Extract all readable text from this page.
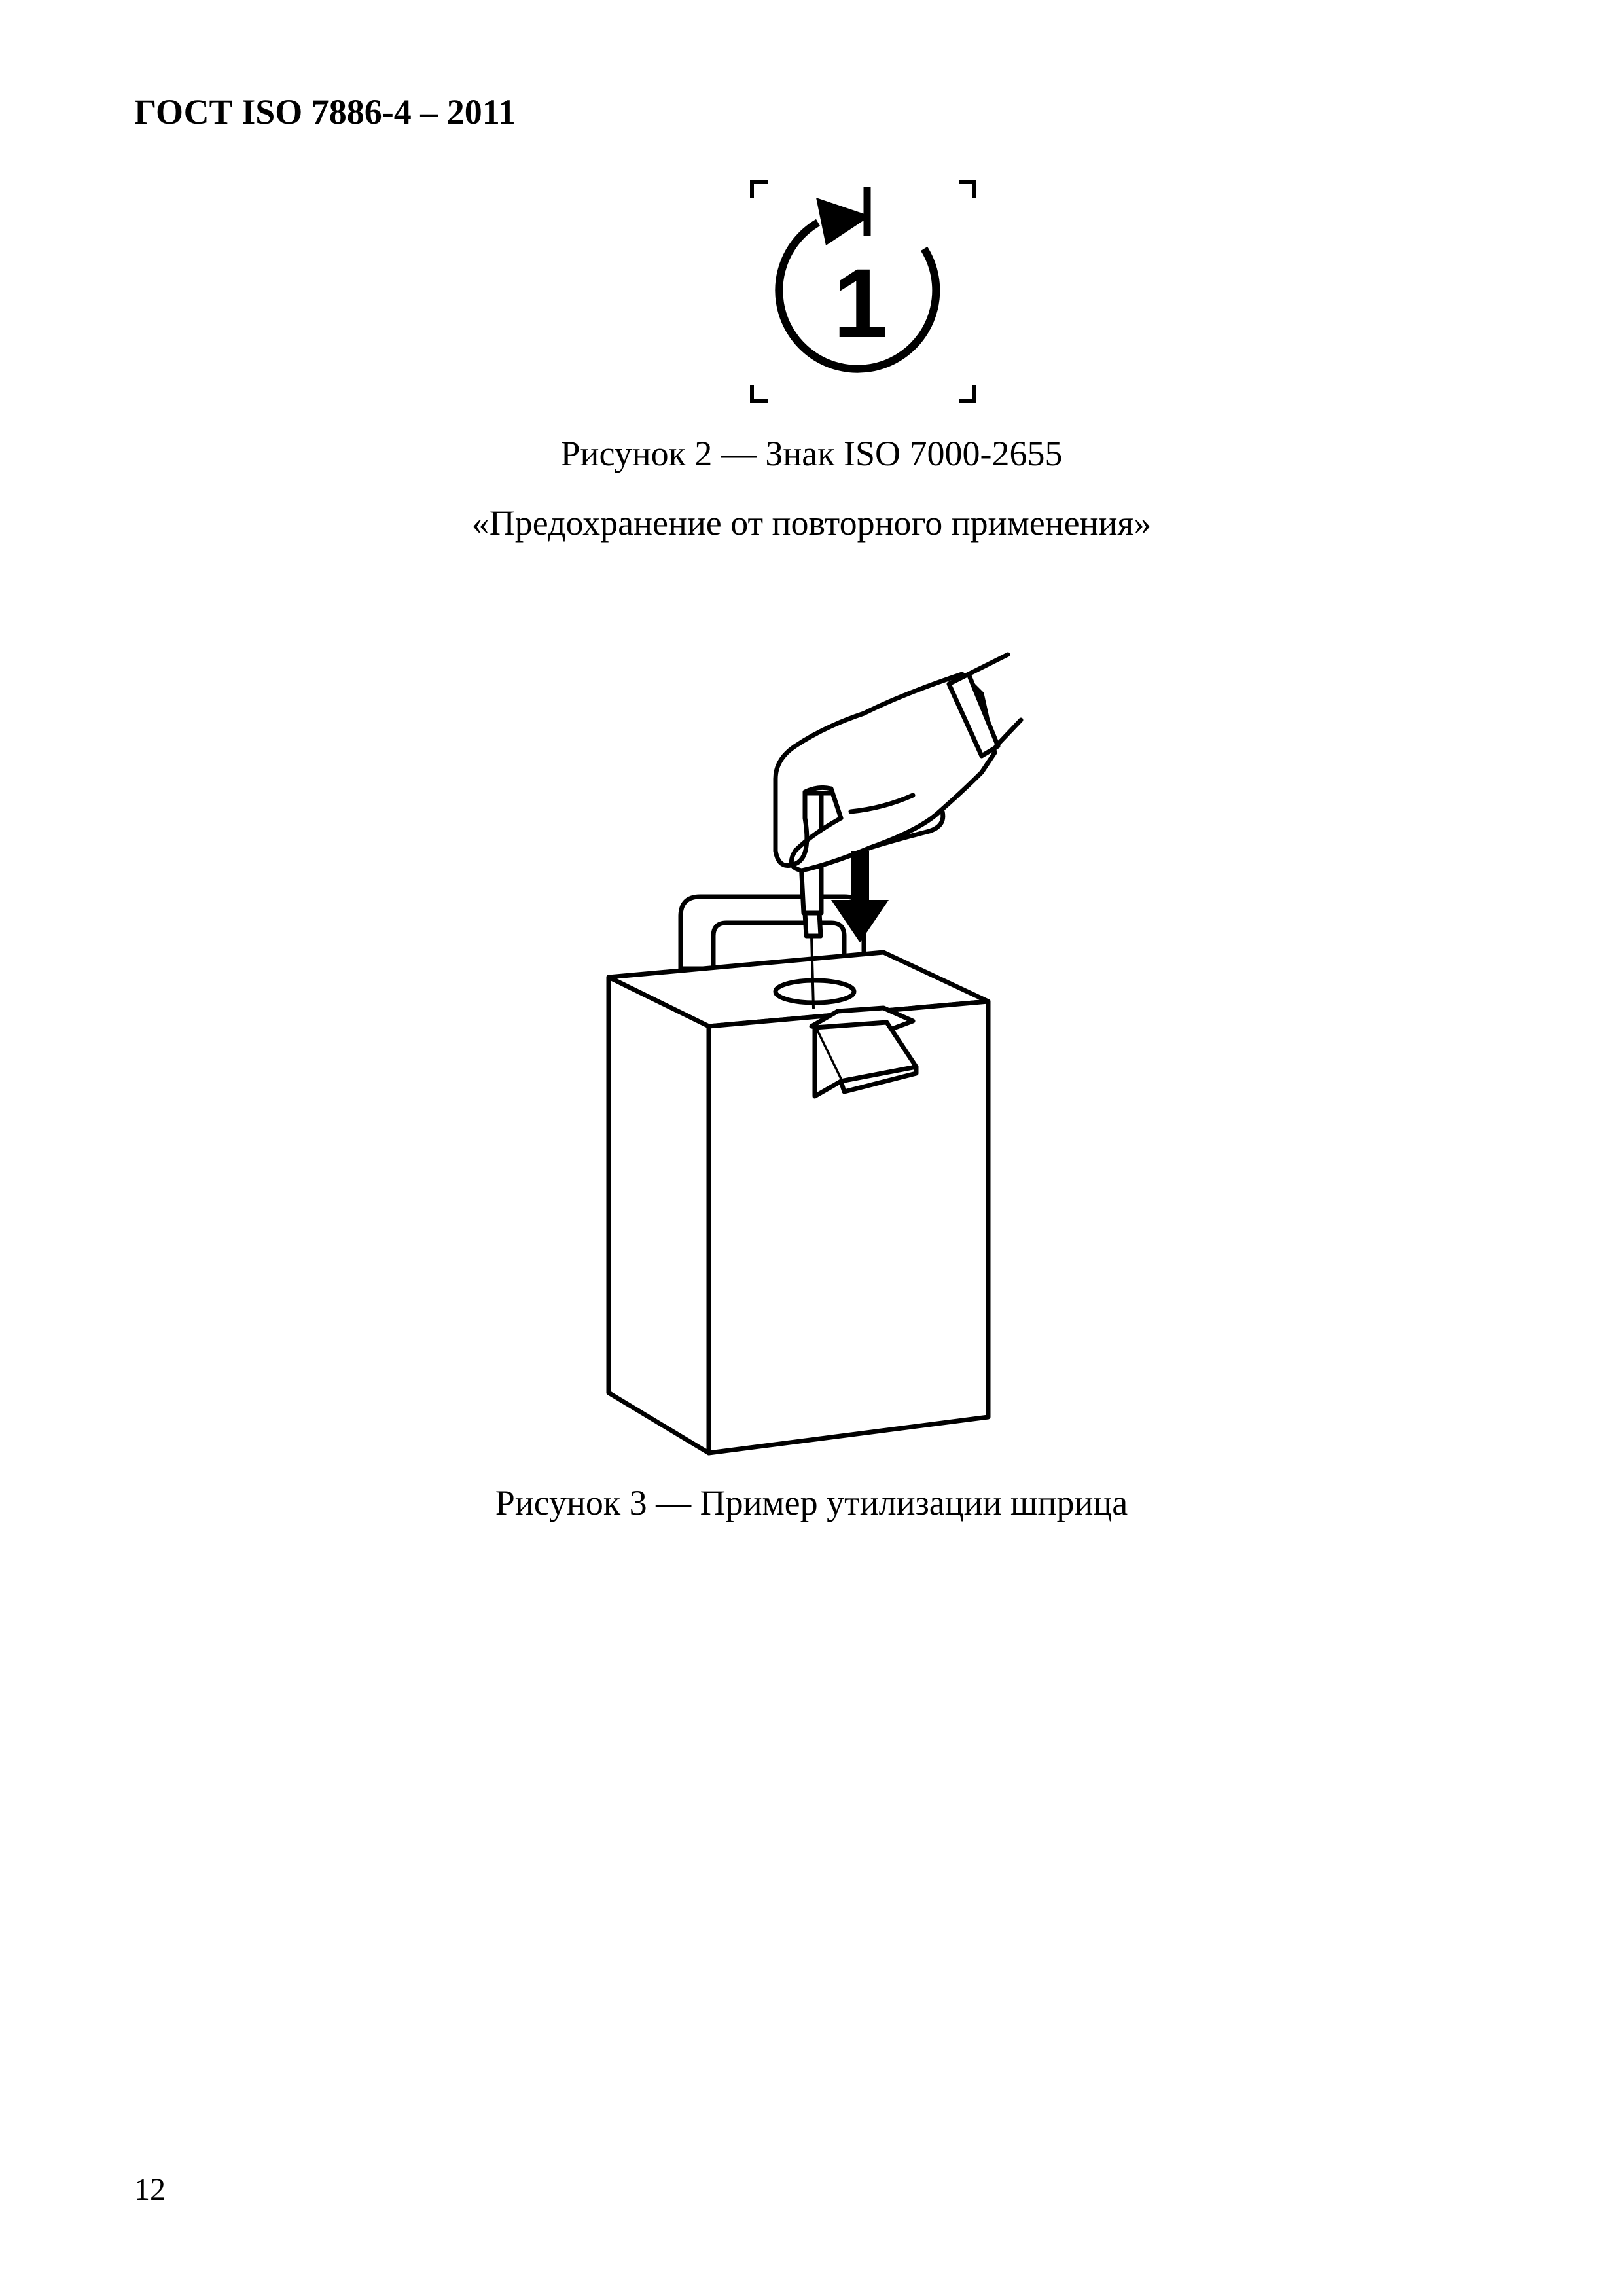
ГОСТ ISO 7886-4 – 2011
1
Рисунок 2 — Знак ISO 7000-2655
«Предохранение от повторного применения»
Рисунок 3 — Пример утилизации шприца
12
